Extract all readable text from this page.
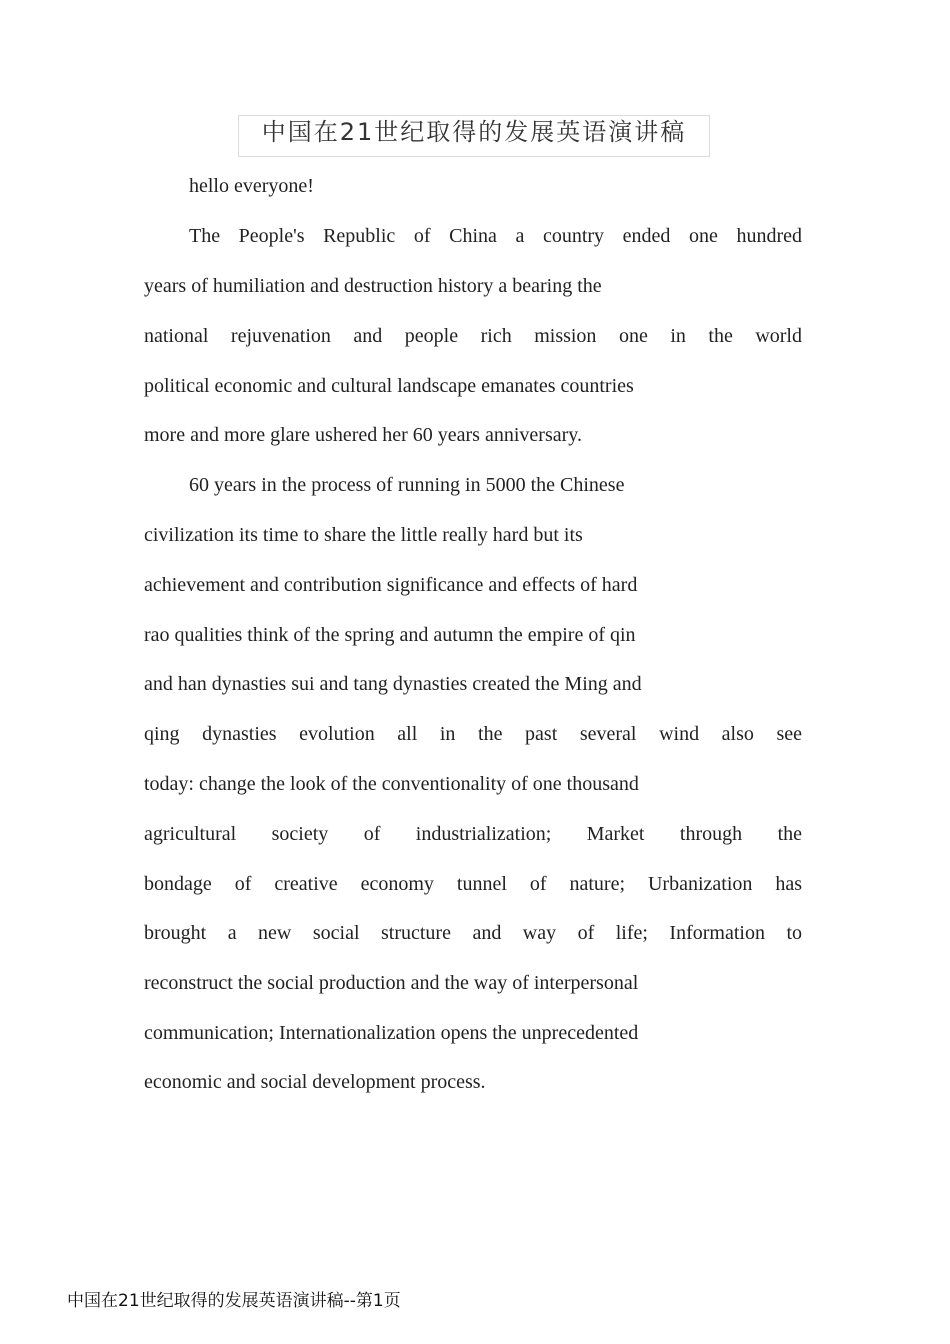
中国在21世纪取得的发展英语演讲稿

hello everyone!

The People's Republic of China a country ended one hundred

years of humiliation and destruction history a bearing the

national rejuvenation and people rich mission one in the world

political economic and cultural landscape emanates countries

more and more glare ushered her 60 years anniversary.

60 years in the process of running in 5000 the Chinese

civilization its time to share the little really hard but its

achievement and contribution significance and effects of hard

rao qualities think of the spring and autumn the empire of qin

and han dynasties sui and tang dynasties created the Ming and

qing dynasties evolution all in the past several wind also see

today: change the look of the conventionality of one thousand

agricultural society of industrialization; Market through the

bondage of creative economy tunnel of nature; Urbanization has

brought a new social structure and way of life; Information to

reconstruct the social production and the way of interpersonal

communication; Internationalization opens the unprecedented

economic and social development process.

中国在21世纪取得的发展英语演讲稿--第1页
